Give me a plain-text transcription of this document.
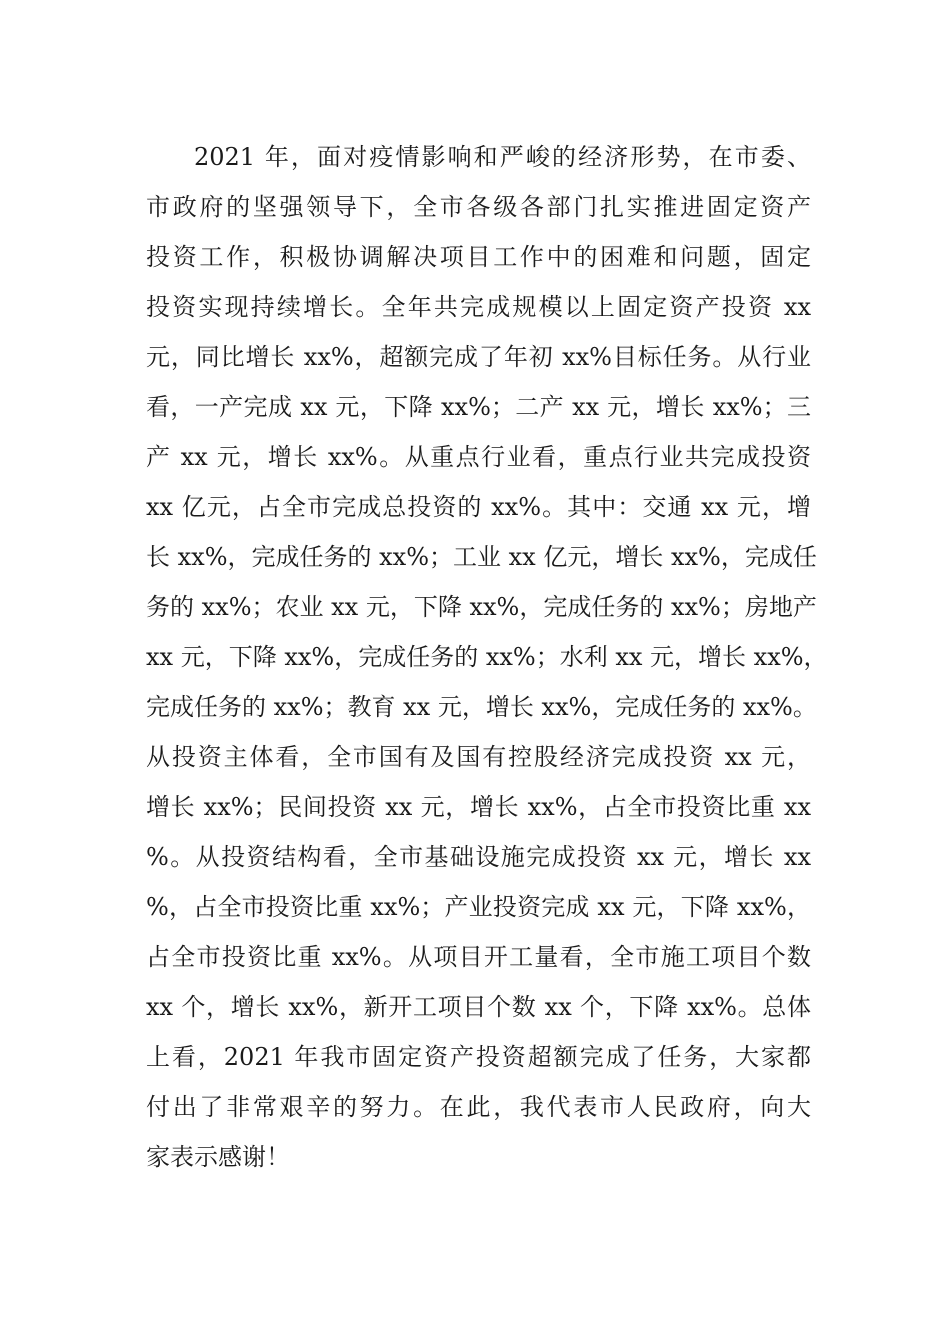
2021 年，面对疫情影响和严峻的经济形势，在市委、
市政府的坚强领导下，全市各级各部门扎实推进固定资产
投资工作，积极协调解决项目工作中的困难和问题，固定
投资实现持续增长。全年共完成规模以上固定资产投资 xx
元，同比增长 xx%，超额完成了年初 xx%目标任务。从行业
看，一产完成 xx 元，下降 xx%；二产 xx 元，增长 xx%；三
产 xx 元，增长 xx%。从重点行业看，重点行业共完成投资
xx 亿元，占全市完成总投资的 xx%。其中：交通 xx 元，增
长 xx%，完成任务的 xx%；工业 xx 亿元，增长 xx%，完成任
务的 xx%；农业 xx 元，下降 xx%，完成任务的 xx%；房地产
xx 元，下降 xx%，完成任务的 xx%；水利 xx 元，增长 xx%，
完成任务的 xx%；教育 xx 元，增长 xx%，完成任务的 xx%。
从投资主体看，全市国有及国有控股经济完成投资 xx 元，
增长 xx%；民间投资 xx 元，增长 xx%，占全市投资比重 xx
%。从投资结构看，全市基础设施完成投资 xx 元，增长 xx
%，占全市投资比重 xx%；产业投资完成 xx 元，下降 xx%，
占全市投资比重 xx%。从项目开工量看，全市施工项目个数
xx 个，增长 xx%，新开工项目个数 xx 个，下降 xx%。总体
上看，2021 年我市固定资产投资超额完成了任务，大家都
付出了非常艰辛的努力。在此，我代表市人民政府，向大
家表示感谢！
